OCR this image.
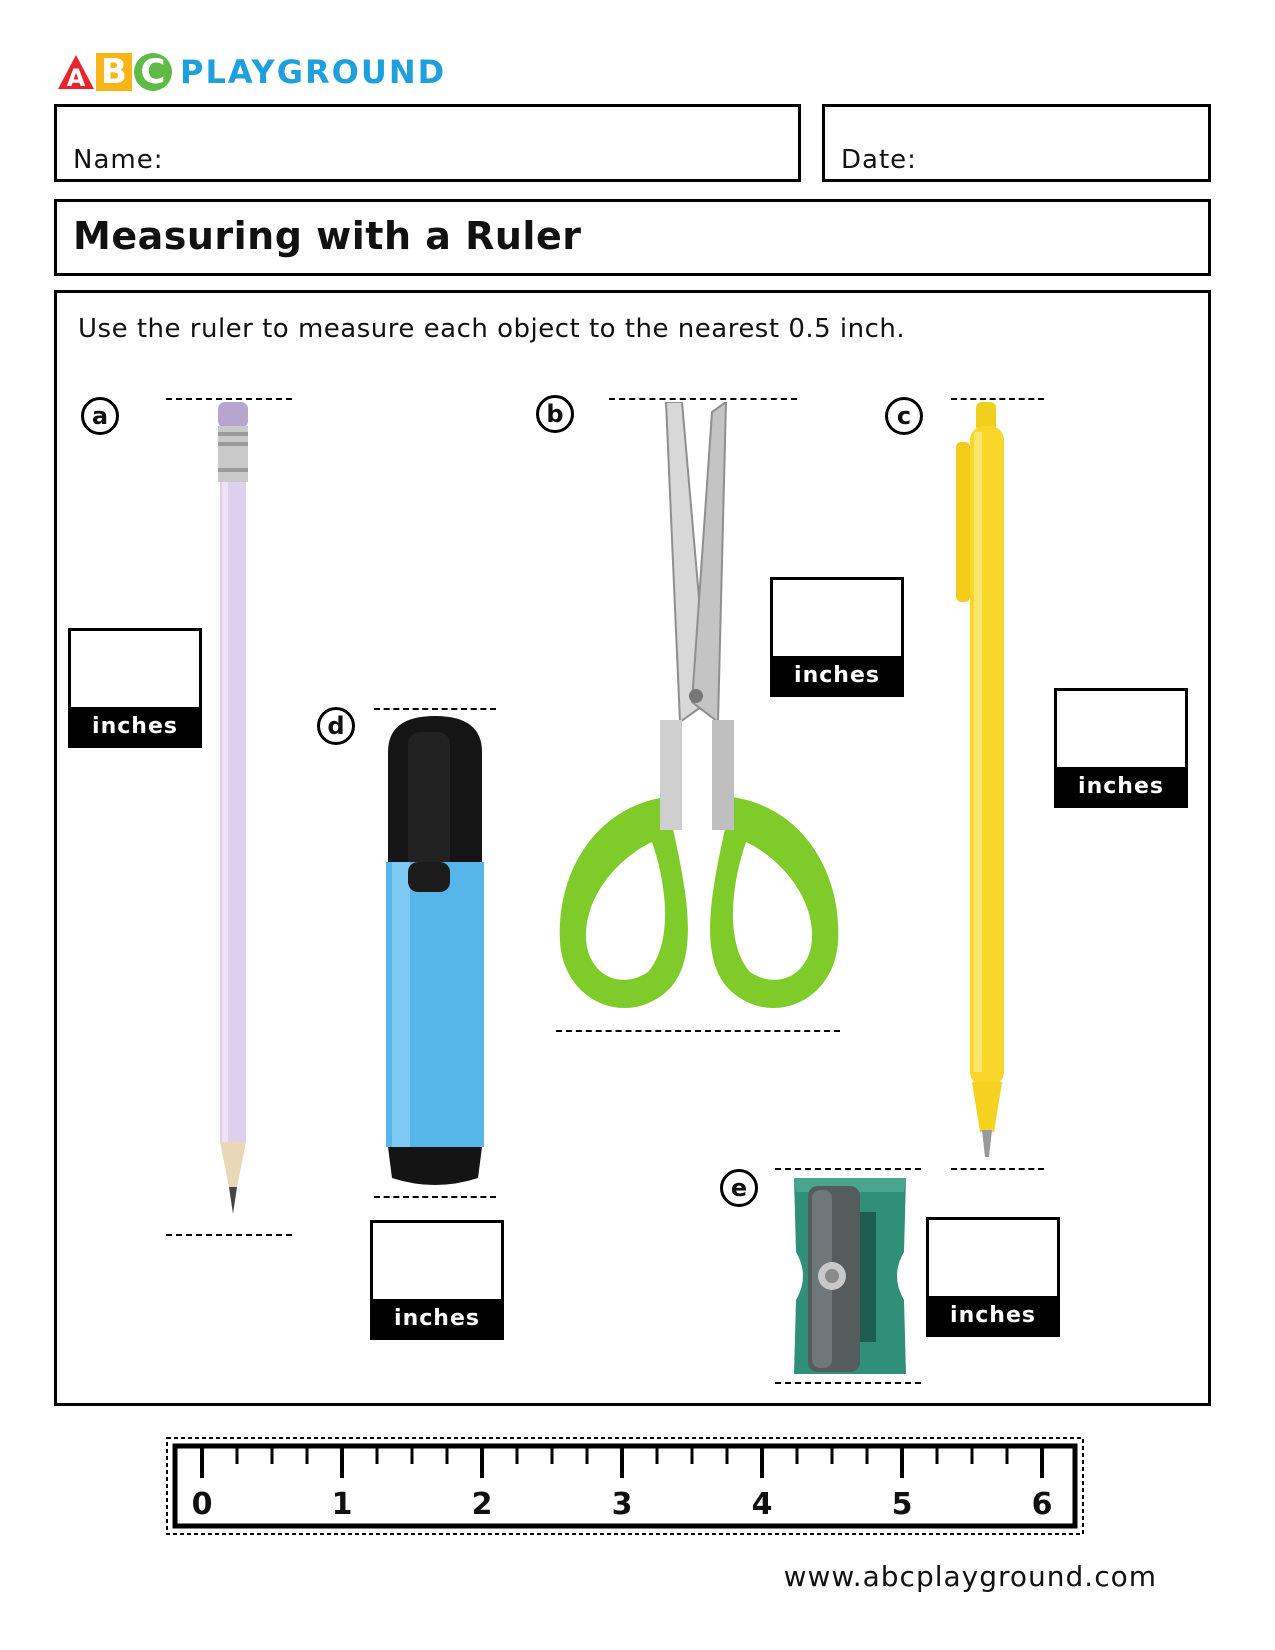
A B C PLAYGROUND
Name:	Date:
Measuring with a Ruler
Use the ruler to measure each object to the nearest 0.5 inch.
a
inches
b
inches
c
inches
d
inches
e
inches
0	1	2	3	4	5	6
www.abcplayground.com
